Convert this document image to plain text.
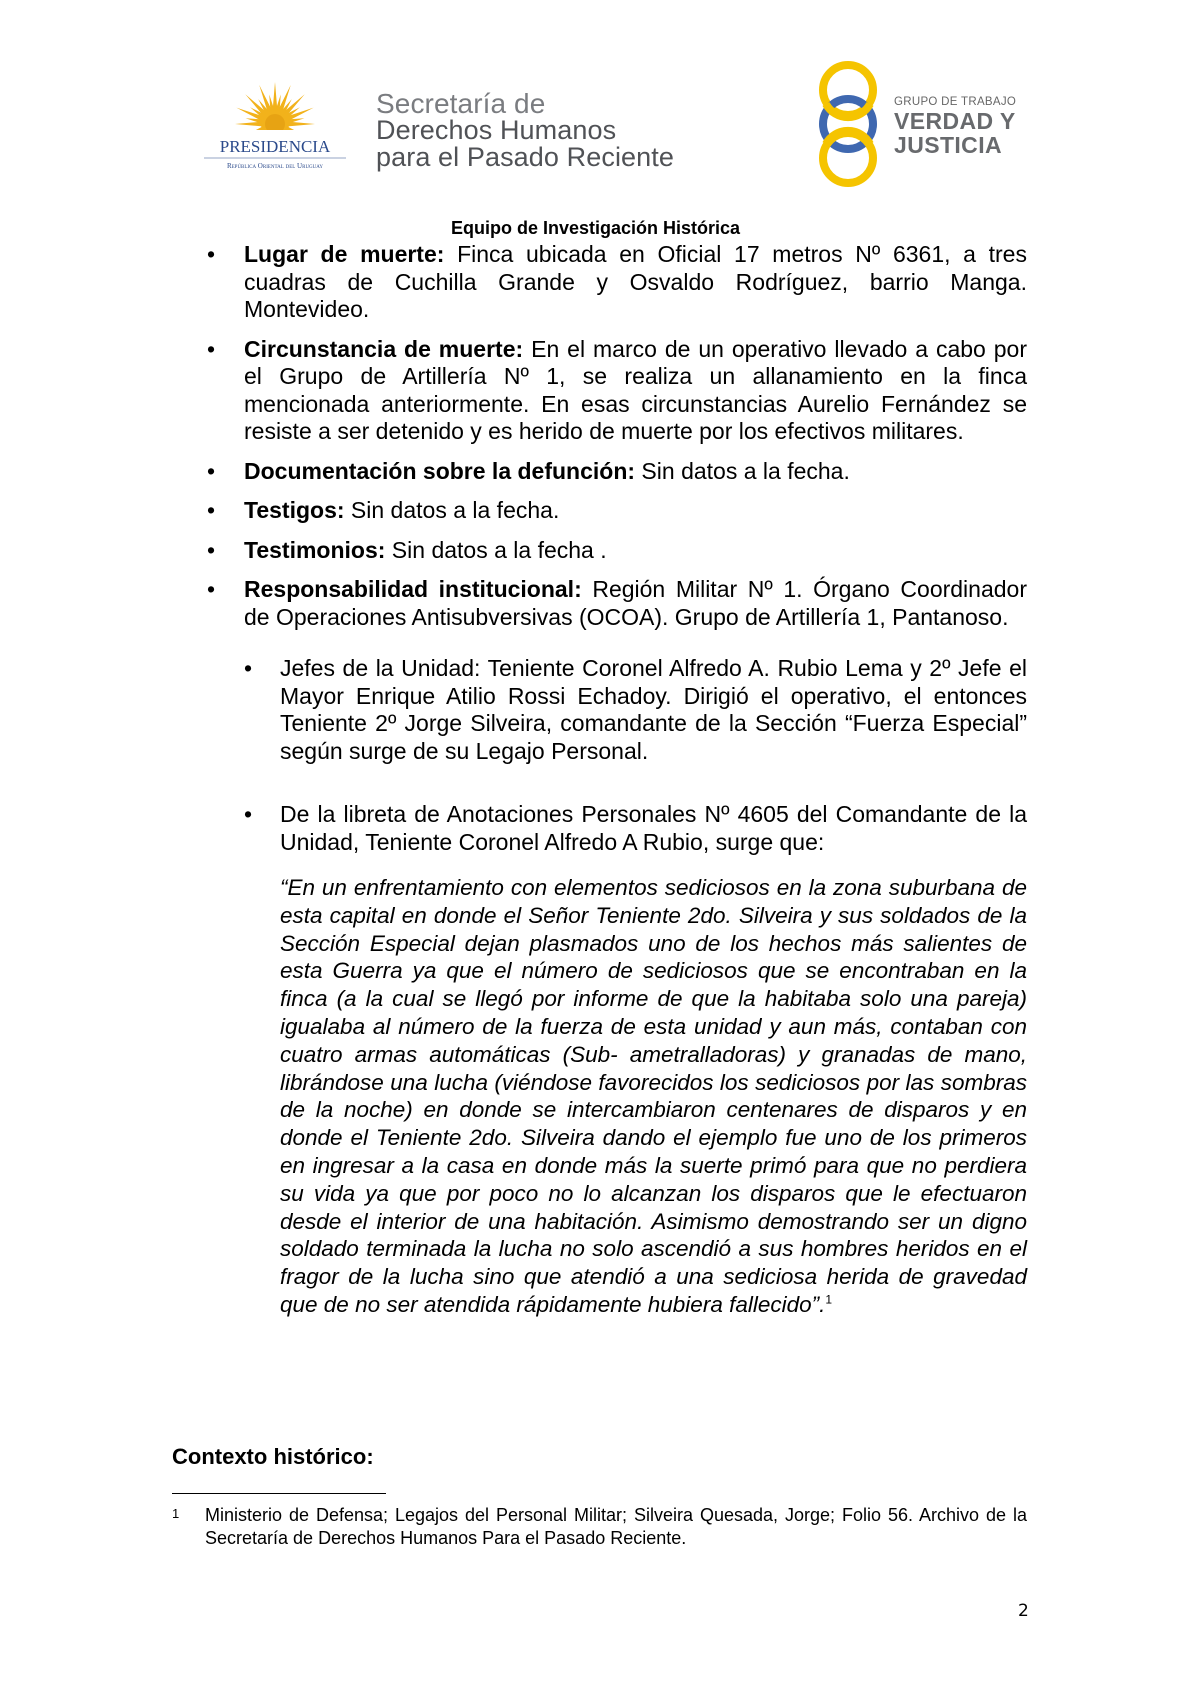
PRESIDENCIA
República Oriental del Uruguay
Secretaría de
Derechos Humanos
para el Pasado Reciente
GRUPO DE TRABAJO
VERDAD Y
JUSTICIA
Equipo de Investigación Histórica
• Lugar de muerte: Finca ubicada en Oficial 17 metros Nº 6361, a tres cuadras de Cuchilla Grande y Osvaldo Rodríguez, barrio Manga. Montevideo.
• Circunstancia de muerte: En el marco de un operativo llevado a cabo por el Grupo de Artillería Nº 1, se realiza un allanamiento en la finca mencionada anteriormente. En esas circunstancias Aurelio Fernández se resiste a ser detenido y es herido de muerte por los efectivos militares.
• Documentación sobre la defunción: Sin datos a la fecha.
• Testigos: Sin datos a la fecha.
• Testimonios: Sin datos a la fecha .
• Responsabilidad institucional: Región Militar Nº 1. Órgano Coordinador de Operaciones Antisubversivas (OCOA). Grupo de Artillería 1, Pantanoso.
• Jefes de la Unidad: Teniente Coronel Alfredo A. Rubio Lema y 2º Jefe el Mayor Enrique Atilio Rossi Echadoy. Dirigió el operativo, el entonces Teniente 2º Jorge Silveira, comandante de la Sección “Fuerza Especial” según surge de su Legajo Personal.
• De la libreta de Anotaciones Personales Nº 4605 del Comandante de la Unidad, Teniente Coronel Alfredo A Rubio, surge que:
“En un enfrentamiento con elementos sediciosos en la zona suburbana de esta capital en donde el Señor Teniente 2do. Silveira y sus soldados de la Sección Especial dejan plasmados uno de los hechos más salientes de esta Guerra ya que el número de sediciosos que se encontraban en la finca (a la cual se llegó por informe de que la habitaba solo una pareja) igualaba al número de la fuerza de esta unidad y aun más, contaban con cuatro armas automáticas (Sub- ametralladoras) y granadas de mano, librándose una lucha (viéndose favorecidos los sediciosos por las sombras de la noche) en donde se intercambiaron centenares de disparos y en donde el Teniente 2do. Silveira dando el ejemplo fue uno de los primeros en ingresar a la casa en donde más la suerte primó para que no perdiera su vida ya que por poco no lo alcanzan los disparos que le efectuaron desde el interior de una habitación. Asimismo demostrando ser un digno soldado terminada la lucha no solo ascendió a sus hombres heridos en el fragor de la lucha sino que atendió a una sediciosa herida de gravedad que de no ser atendida rápidamente hubiera fallecido”.$^1$
Contexto histórico:
1	Ministerio de Defensa; Legajos del Personal Militar; Silveira Quesada, Jorge; Folio 56. Archivo de la Secretaría de Derechos Humanos Para el Pasado Reciente.
2
